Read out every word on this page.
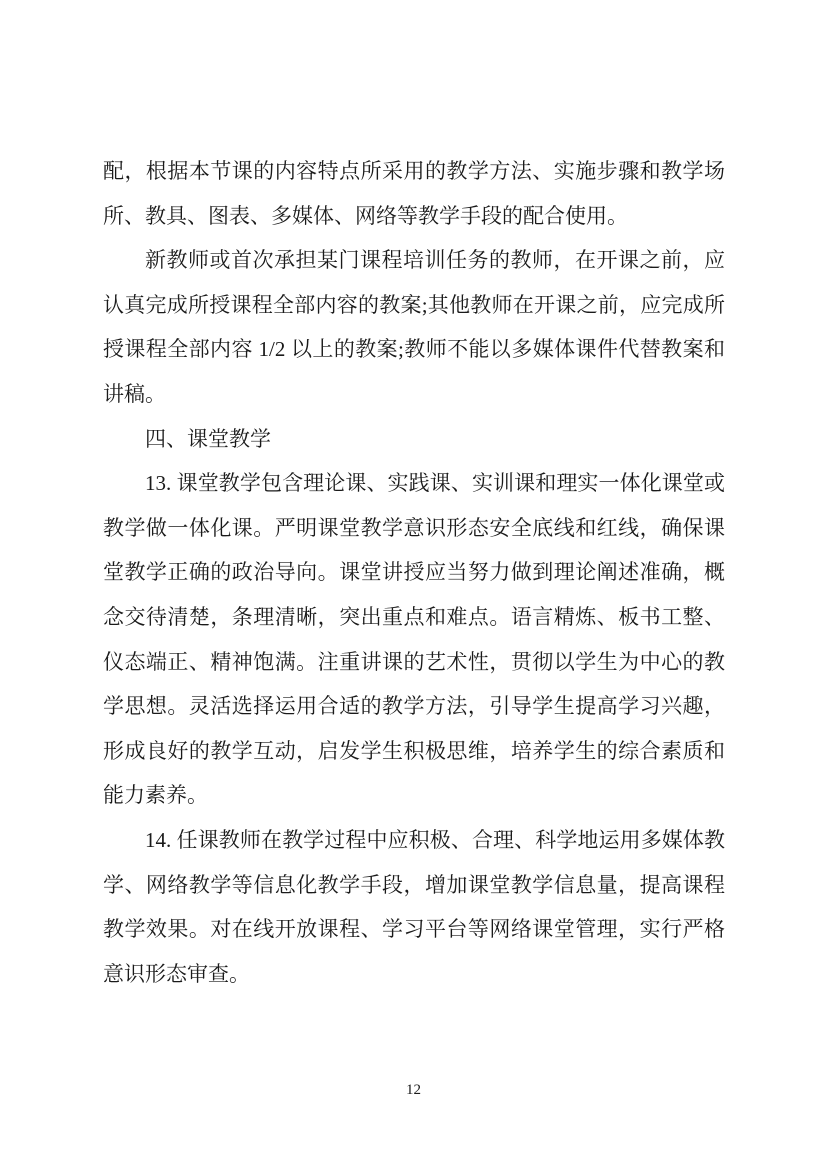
配，根据本节课的内容特点所采用的教学方法、实施步骤和教学场
所、教具、图表、多媒体、网络等教学手段的配合使用。
新教师或首次承担某门课程培训任务的教师，在开课之前，应
认真完成所授课程全部内容的教案;其他教师在开课之前，应完成所
授课程全部内容 1/2 以上的教案;教师不能以多媒体课件代替教案和
讲稿。
四、课堂教学
13. 课堂教学包含理论课、实践课、实训课和理实一体化课堂或
教学做一体化课。严明课堂教学意识形态安全底线和红线，确保课
堂教学正确的政治导向。课堂讲授应当努力做到理论阐述准确，概
念交待清楚，条理清晰，突出重点和难点。语言精炼、板书工整、
仪态端正、精神饱满。注重讲课的艺术性，贯彻以学生为中心的教
学思想。灵活选择运用合适的教学方法，引导学生提高学习兴趣，
形成良好的教学互动，启发学生积极思维，培养学生的综合素质和
能力素养。
14. 任课教师在教学过程中应积极、合理、科学地运用多媒体教
学、网络教学等信息化教学手段，增加课堂教学信息量，提高课程
教学效果。对在线开放课程、学习平台等网络课堂管理，实行严格
意识形态审查。
12
